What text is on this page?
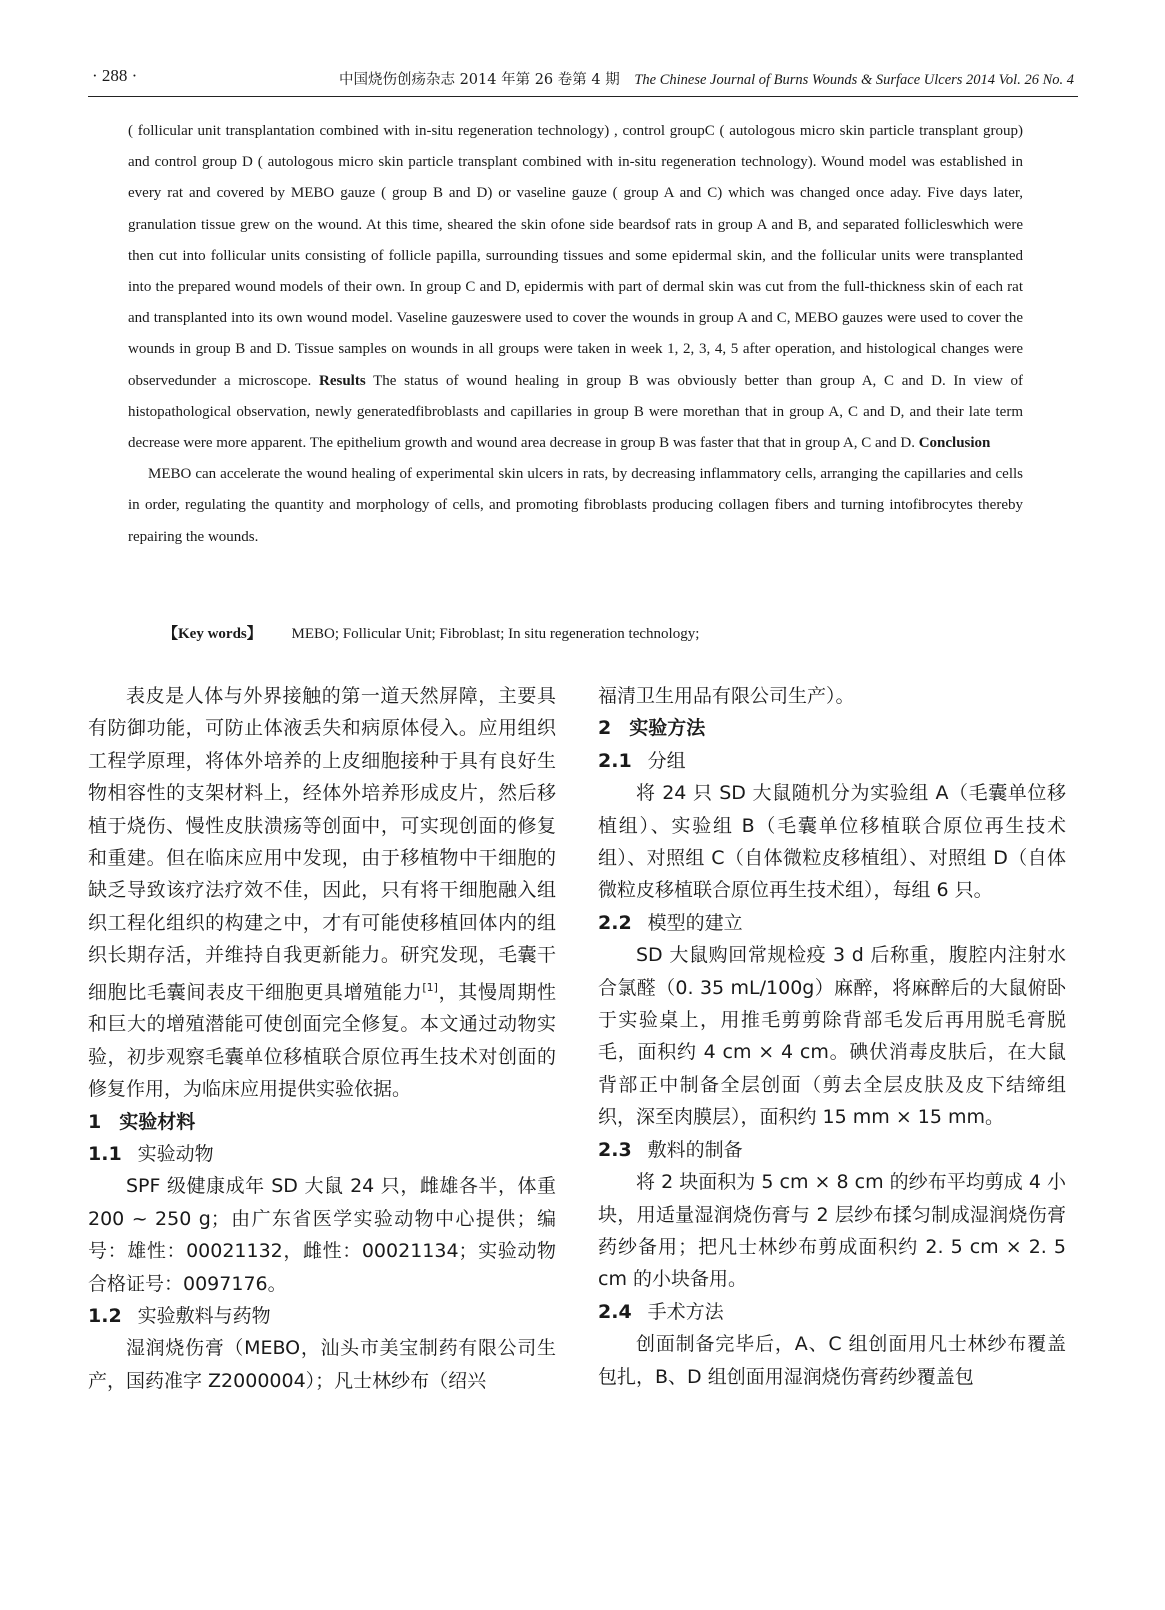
· 288 ·	中国烧伤创疡杂志 2014 年第 26 卷第 4 期 The Chinese Journal of Burns Wounds & Surface Ulcers 2014 Vol. 26 No. 4

( follicular unit transplantation combined with in-situ regeneration technology) , control groupC ( autologous micro skin particle transplant group) and control group D ( autologous micro skin particle transplant combined with in-situ regeneration technology). Wound model was established in every rat and covered by MEBO gauze ( group B and D) or vaseline gauze ( group A and C) which was changed once aday. Five days later, granulation tissue grew on the wound. At this time, sheared the skin ofone side beardsof rats in group A and B, and separated follicleswhich were then cut into follicular units consisting of follicle papilla, surrounding tissues and some epidermal skin, and the follicular units were transplanted into the prepared wound models of their own. In group C and D, epidermis with part of dermal skin was cut from the full-thickness skin of each rat and transplanted into its own wound model. Vaseline gauzeswere used to cover the wounds in group A and C, MEBO gauzes were used to cover the wounds in group B and D. Tissue samples on wounds in all groups were taken in week 1, 2, 3, 4, 5 after operation, and histological changes were observedunder a microscope. Results The status of wound healing in group B was obviously better than group A, C and D. In view of histopathological observation, newly generatedfibroblasts and capillaries in group B were morethan that in group A, C and D, and their late term decrease were more apparent. The epithelium growth and wound area decrease in group B was faster that that in group A, C and D. Conclusion

MEBO can accelerate the wound healing of experimental skin ulcers in rats, by decreasing inflammatory cells, arranging the capillaries and cells in order, regulating the quantity and morphology of cells, and promoting fibroblasts producing collagen fibers and turning intofibrocytes thereby repairing the wounds.

【Key words】 MEBO; Follicular Unit; Fibroblast; In situ regeneration technology;

表皮是人体与外界接触的第一道天然屏障，主要具有防御功能，可防止体液丢失和病原体侵入。应用组织工程学原理，将体外培养的上皮细胞接种于具有良好生物相容性的支架材料上，经体外培养形成皮片，然后移植于烧伤、慢性皮肤溃疡等创面中，可实现创面的修复和重建。但在临床应用中发现，由于移植物中干细胞的缺乏导致该疗法疗效不佳，因此，只有将干细胞融入组织工程化组织的构建之中，才有可能使移植回体内的组织长期存活，并维持自我更新能力。研究发现，毛囊干细胞比毛囊间表皮干细胞更具增殖能力[1]，其慢周期性和巨大的增殖潜能可使创面完全修复。本文通过动物实验，初步观察毛囊单位移植联合原位再生技术对创面的修复作用，为临床应用提供实验依据。

1 实验材料
1.1 实验动物

SPF 级健康成年 SD 大鼠 24 只，雌雄各半，体重 200 ~ 250 g；由广东省医学实验动物中心提供；编号：雄性：00021132，雌性：00021134；实验动物合格证号：0097176。

1.2 实验敷料与药物

湿润烧伤膏（MEBO，汕头市美宝制药有限公司生产，国药准字 Z2000004）；凡士林纱布（绍兴

福清卫生用品有限公司生产）。

2 实验方法
2.1 分组

将 24 只 SD 大鼠随机分为实验组 A（毛囊单位移植组）、实验组 B（毛囊单位移植联合原位再生技术组）、对照组 C（自体微粒皮移植组）、对照组 D（自体微粒皮移植联合原位再生技术组），每组 6 只。

2.2 模型的建立

SD 大鼠购回常规检疫 3 d 后称重，腹腔内注射水合氯醛（0. 35 mL/100g）麻醉，将麻醉后的大鼠俯卧于实验桌上，用推毛剪剪除背部毛发后再用脱毛膏脱毛，面积约 4 cm × 4 cm。碘伏消毒皮肤后，在大鼠背部正中制备全层创面（剪去全层皮肤及皮下结缔组织，深至肉膜层），面积约 15 mm × 15 mm。

2.3 敷料的制备

将 2 块面积为 5 cm × 8 cm 的纱布平均剪成 4 小块，用适量湿润烧伤膏与 2 层纱布揉匀制成湿润烧伤膏药纱备用；把凡士林纱布剪成面积约 2. 5 cm × 2. 5 cm 的小块备用。

2.4 手术方法

创面制备完毕后，A、C 组创面用凡士林纱布覆盖包扎，B、D 组创面用湿润烧伤膏药纱覆盖包
